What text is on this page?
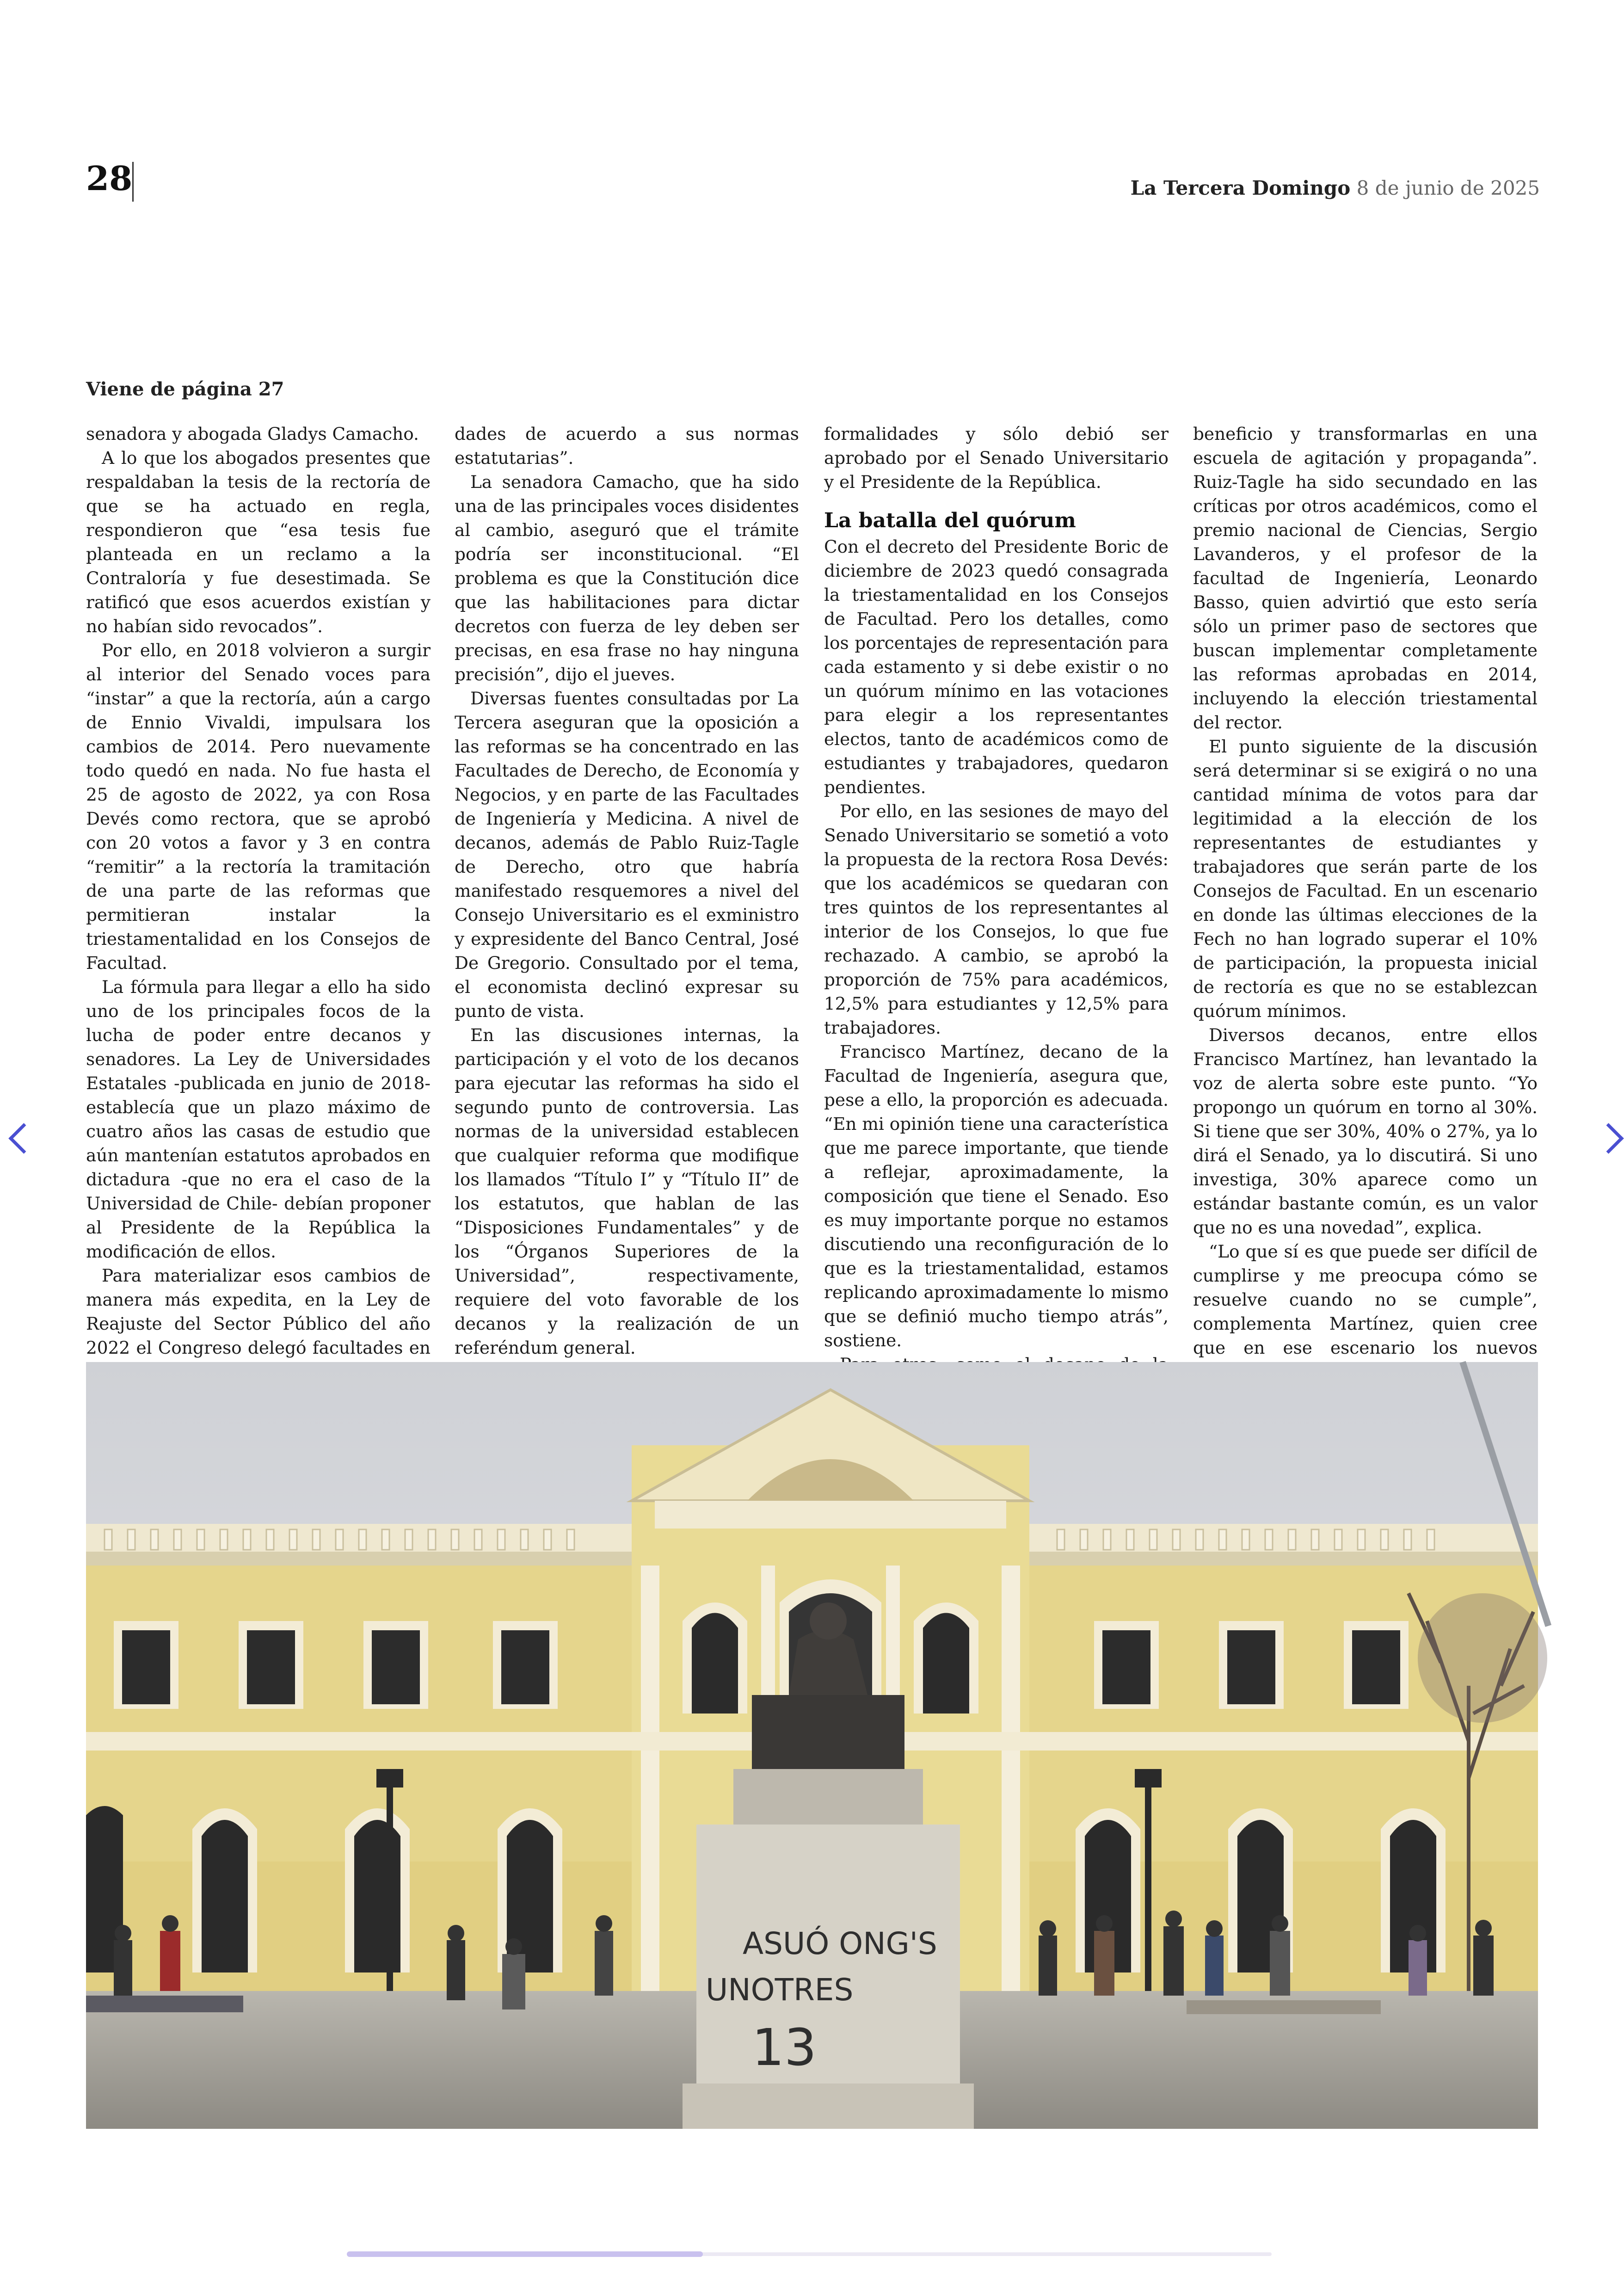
28	La Tercera Domingo 8 de junio de 2025
Viene de página 27

senadora y abogada Gladys Camacho.

A lo que los abogados presentes que respaldaban la tesis de la rectoría de que se ha actuado en regla, respondieron que “esa tesis fue planteada en un reclamo a la Contraloría y fue desestimada. Se ratificó que esos acuerdos existían y no habían sido revocados”.

Por ello, en 2018 volvieron a surgir al interior del Senado voces para “instar” a que la rectoría, aún a cargo de Ennio Vivaldi, impulsara los cambios de 2014. Pero nuevamente todo quedó en nada. No fue hasta el 25 de agosto de 2022, ya con Rosa Devés como rectora, que se aprobó con 20 votos a favor y 3 en contra “remitir” a la rectoría la tramitación de una parte de las reformas que permitieran instalar la triestamentalidad en los Consejos de Facultad.

La fórmula para llegar a ello ha sido uno de los principales focos de la lucha de poder entre decanos y senadores. La Ley de Universidades Estatales -publicada en junio de 2018- establecía que un plazo máximo de cuatro años las casas de estudio que aún mantenían estatutos aprobados en dictadura -que no era el caso de la Universidad de Chile- debían proponer al Presidente de la República la modificación de ellos.

Para materializar esos cambios de manera más expedita, en la Ley de Reajuste del Sector Público del año 2022 el Congreso delegó facultades en

dades de acuerdo a sus normas estatutarias”.

La senadora Camacho, que ha sido una de las principales voces disidentes al cambio, aseguró que el trámite podría ser inconstitucional. “El problema es que la Constitución dice que las habilitaciones para dictar decretos con fuerza de ley deben ser precisas, en esa frase no hay ninguna precisión”, dijo el jueves.

Diversas fuentes consultadas por La Tercera aseguran que la oposición a las reformas se ha concentrado en las Facultades de Derecho, de Economía y Negocios, y en parte de las Facultades de Ingeniería y Medicina. A nivel de decanos, además de Pablo Ruiz-Tagle de Derecho, otro que habría manifestado resquemores a nivel del Consejo Universitario es el exministro y expresidente del Banco Central, José De Gregorio. Consultado por el tema, el economista declinó expresar su punto de vista.

En las discusiones internas, la participación y el voto de los decanos para ejecutar las reformas ha sido el segundo punto de controversia. Las normas de la universidad establecen que cualquier reforma que modifique los llamados “Título I” y “Título II” de los estatutos, que hablan de las “Disposiciones Fundamentales” y de los “Órganos Superiores de la Universidad”, respectivamente, requiere del voto favorable de los decanos y la realización de un referéndum general.

formalidades y sólo debió ser aprobado por el Senado Universitario y el Presidente de la República.

La batalla del quórum

Con el decreto del Presidente Boric de diciembre de 2023 quedó consagrada la triestamentalidad en los Consejos de Facultad. Pero los detalles, como los porcentajes de representación para cada estamento y si debe existir o no un quórum mínimo en las votaciones para elegir a los representantes electos, tanto de académicos como de estudiantes y trabajadores, quedaron pendientes.

Por ello, en las sesiones de mayo del Senado Universitario se sometió a voto la propuesta de la rectora Rosa Devés: que los académicos se quedaran con tres quintos de los representantes al interior de los Consejos, lo que fue rechazado. A cambio, se aprobó la proporción de 75% para académicos, 12,5% para estudiantes y 12,5% para trabajadores.

Francisco Martínez, decano de la Facultad de Ingeniería, asegura que, pese a ello, la proporción es adecuada. “En mi opinión tiene una característica que me parece importante, que tiende a reflejar, aproximadamente, la composición que tiene el Senado. Eso es muy importante porque no estamos discutiendo una reconfiguración de lo que es la triestamentalidad, estamos replicando aproximadamente lo mismo que se definió mucho tiempo atrás”, sostiene.

beneficio y transformarlas en una escuela de agitación y propaganda”. Ruiz-Tagle ha sido secundado en las críticas por otros académicos, como el premio nacional de Ciencias, Sergio Lavanderos, y el profesor de la facultad de Ingeniería, Leonardo Basso, quien advirtió que esto sería sólo un primer paso de sectores que buscan implementar completamente las reformas aprobadas en 2014, incluyendo la elección triestamental del rector.

El punto siguiente de la discusión será determinar si se exigirá o no una cantidad mínima de votos para dar legitimidad a la elección de los representantes de estudiantes y trabajadores que serán parte de los Consejos de Facultad. En un escenario en donde las últimas elecciones de la Fech no han logrado superar el 10% de participación, la propuesta inicial de rectoría es que no se establezcan quórum mínimos.

Diversos decanos, entre ellos Francisco Martínez, han levantado la voz de alerta sobre este punto. “Yo propongo un quórum en torno al 30%. Si tiene que ser 30%, 40% o 27%, ya lo dirá el Senado, ya lo discutirá. Si uno investiga, 30% aparece como un estándar bastante común, es un valor que no es una novedad”, explica.

“Lo que sí es que puede ser difícil de cumplirse y me preocupa cómo se resuelve cuando no se cumple”, complementa Martínez, quien cree que en ese escenario los nuevos

ASUÓ ONG'S
UNOTRES
13
